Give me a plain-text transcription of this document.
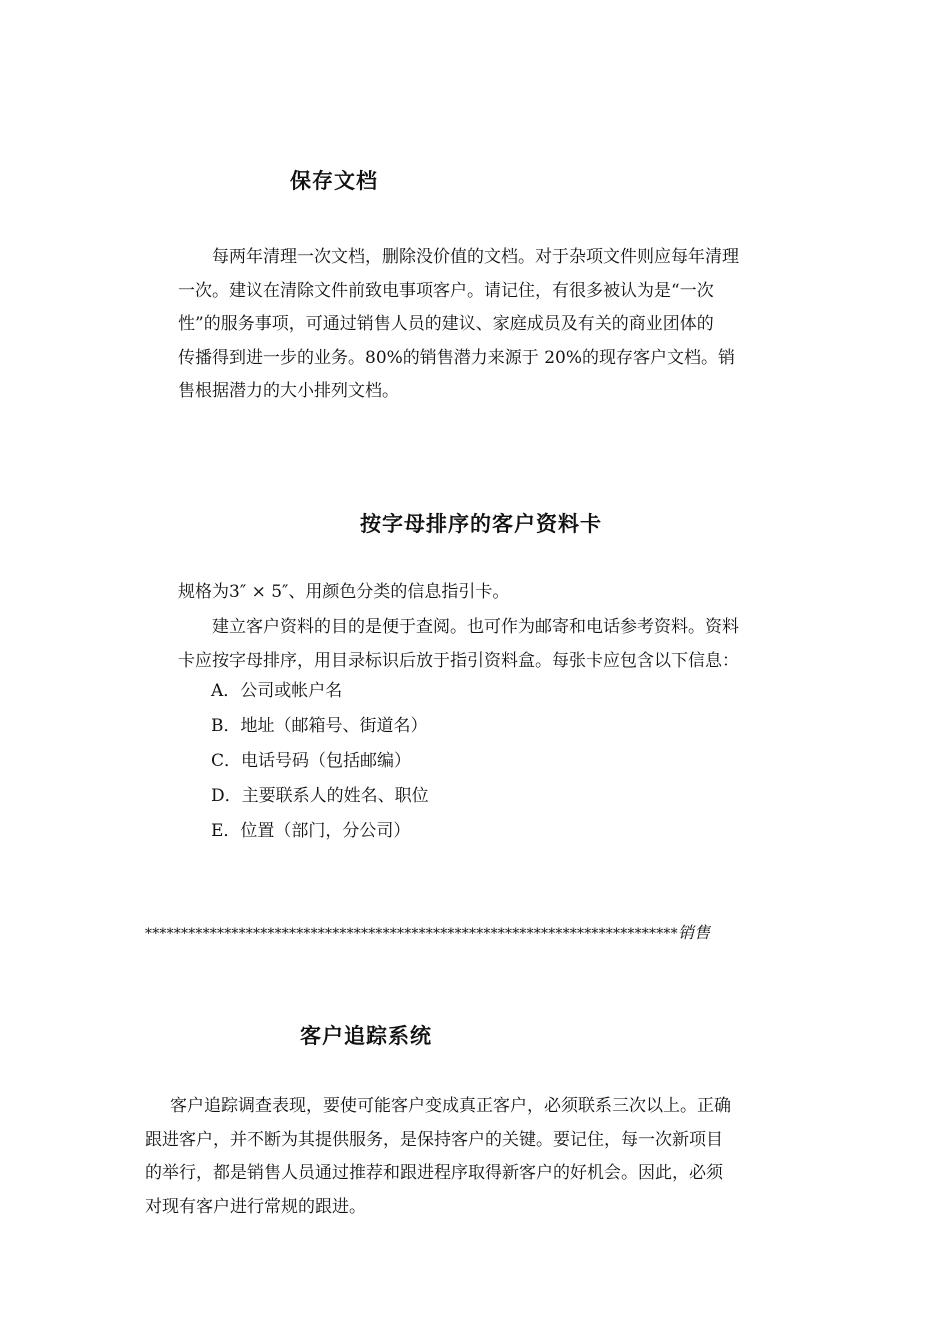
保存文档
每两年清理一次文档，删除没价值的文档。对于杂项文件则应每年清理
一次。建议在清除文件前致电事项客户。请记住，有很多被认为是“一次
性”的服务事项，可通过销售人员的建议、家庭成员及有关的商业团体的
传播得到进一步的业务。80%的销售潜力来源于 20%的现存客户文档。销
售根据潜力的大小排列文档。
按字母排序的客户资料卡
规格为3″ × 5″、用颜色分类的信息指引卡。
建立客户资料的目的是便于查阅。也可作为邮寄和电话参考资料。资料
卡应按字母排序，用目录标识后放于指引资料盒。每张卡应包含以下信息：
A．公司或帐户名
B．地址（邮箱号、街道名）
C．电话号码（包括邮编）
D．主要联系人的姓名、职位
E．位置（部门，分公司）
**************************************************************************销售
客户追踪系统
客户追踪调查表现，要使可能客户变成真正客户，必须联系三次以上。正确
跟进客户，并不断为其提供服务，是保持客户的关键。要记住，每一次新项目
的举行，都是销售人员通过推荐和跟进程序取得新客户的好机会。因此，必须
对现有客户进行常规的跟进。
